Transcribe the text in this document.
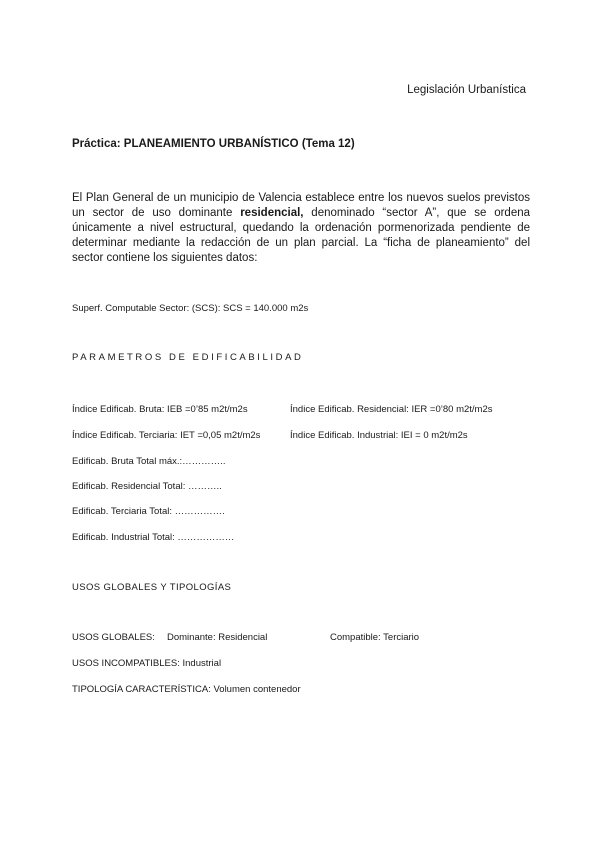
Legislación Urbanística
Práctica: PLANEAMIENTO URBANÍSTICO (Tema 12)
El Plan General de un municipio de Valencia establece entre los nuevos suelos previstos un sector de uso dominante residencial, denominado “sector A”, que se ordena únicamente a nivel estructural, quedando la ordenación pormenorizada pendiente de determinar mediante la redacción de un plan parcial. La “ficha de planeamiento” del sector contiene los siguientes datos:
Superf. Computable Sector: (SCS): SCS = 140.000 m2s
PARAMETROS DE EDIFICABILIDAD
Índice Edificab. Bruta: IEB =0’85 m2t/m2s	Índice Edificab. Residencial: IER =0’80 m2t/m2s
Índice Edificab. Terciaria: IET =0,05 m2t/m2s	Índice Edificab. Industrial: IEI = 0 m2t/m2s
Edificab. Bruta Total máx.:…………..
Edificab. Residencial Total: ………..
Edificab. Terciaria Total: …………….
Edificab. Industrial Total: ………………
USOS GLOBALES Y TIPOLOGÍAS
USOS GLOBALES: Dominante: Residencial	Compatible: Terciario
USOS INCOMPATIBLES: Industrial
TIPOLOGÍA CARACTERÍSTICA: Volumen contenedor
